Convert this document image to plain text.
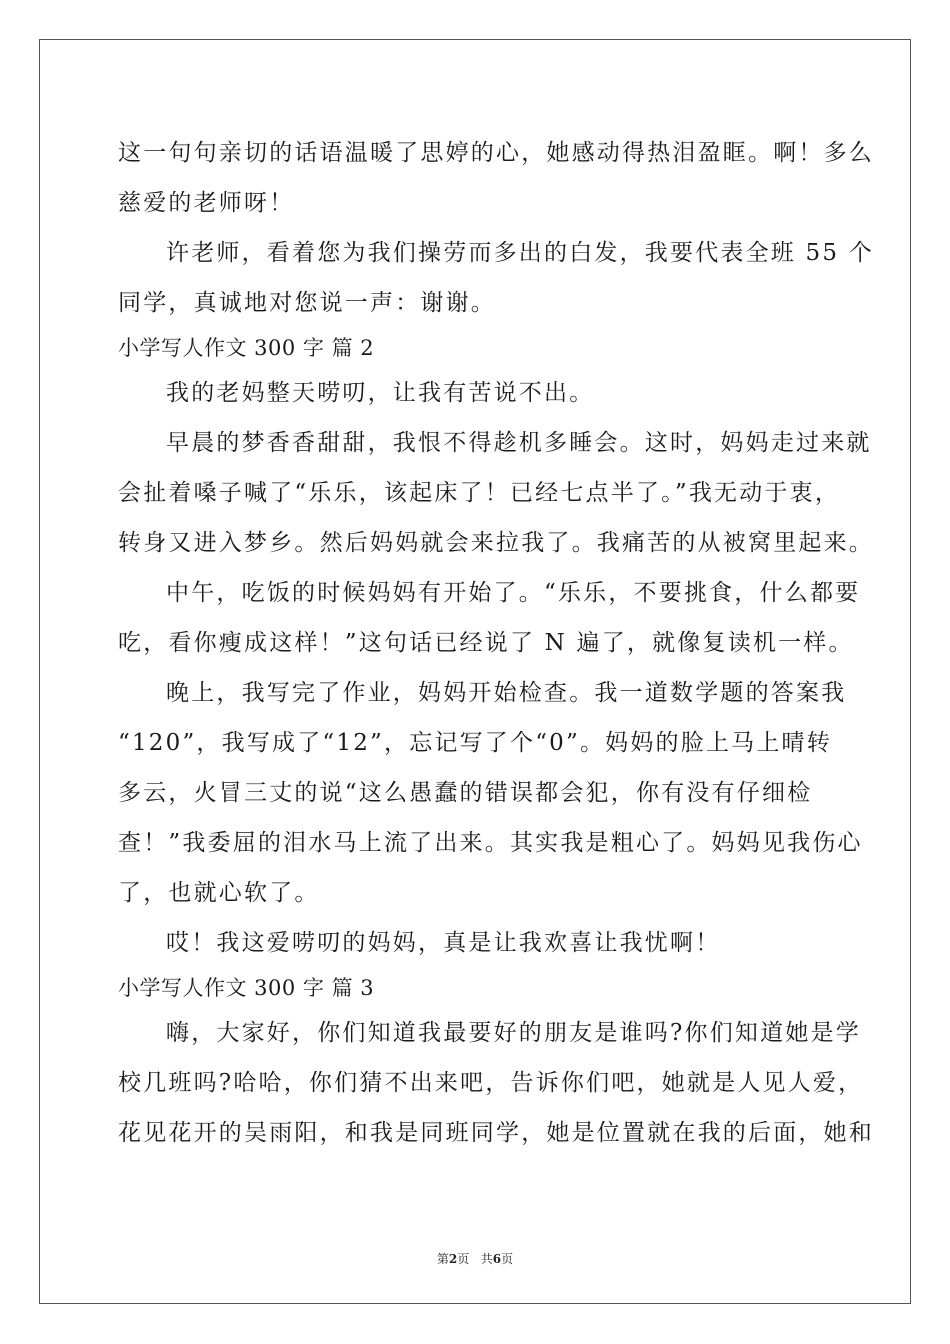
这一句句亲切的话语温暖了思婷的心，她感动得热泪盈眶。啊！多么
慈爱的老师呀！
许老师，看着您为我们操劳而多出的白发，我要代表全班 55 个
同学，真诚地对您说一声：谢谢。
小学写人作文 300 字 篇 2
我的老妈整天唠叨，让我有苦说不出。
早晨的梦香香甜甜，我恨不得趁机多睡会。这时，妈妈走过来就
会扯着嗓子喊了“乐乐，该起床了！已经七点半了。”我无动于衷，
转身又进入梦乡。然后妈妈就会来拉我了。我痛苦的从被窝里起来。
中午，吃饭的时候妈妈有开始了。“乐乐，不要挑食，什么都要
吃，看你瘦成这样！”这句话已经说了 N 遍了，就像复读机一样。
晚上，我写完了作业，妈妈开始检查。我一道数学题的答案我
“120”，我写成了“12”，忘记写了个“0”。妈妈的脸上马上晴转
多云，火冒三丈的说“这么愚蠢的错误都会犯，你有没有仔细检
查！”我委屈的泪水马上流了出来。其实我是粗心了。妈妈见我伤心
了，也就心软了。
哎！我这爱唠叨的妈妈，真是让我欢喜让我忧啊！
小学写人作文 300 字 篇 3
嗨，大家好，你们知道我最要好的朋友是谁吗?你们知道她是学
校几班吗?哈哈，你们猜不出来吧，告诉你们吧，她就是人见人爱，
花见花开的吴雨阳，和我是同班同学，她是位置就在我的后面，她和
第2页 共6页
